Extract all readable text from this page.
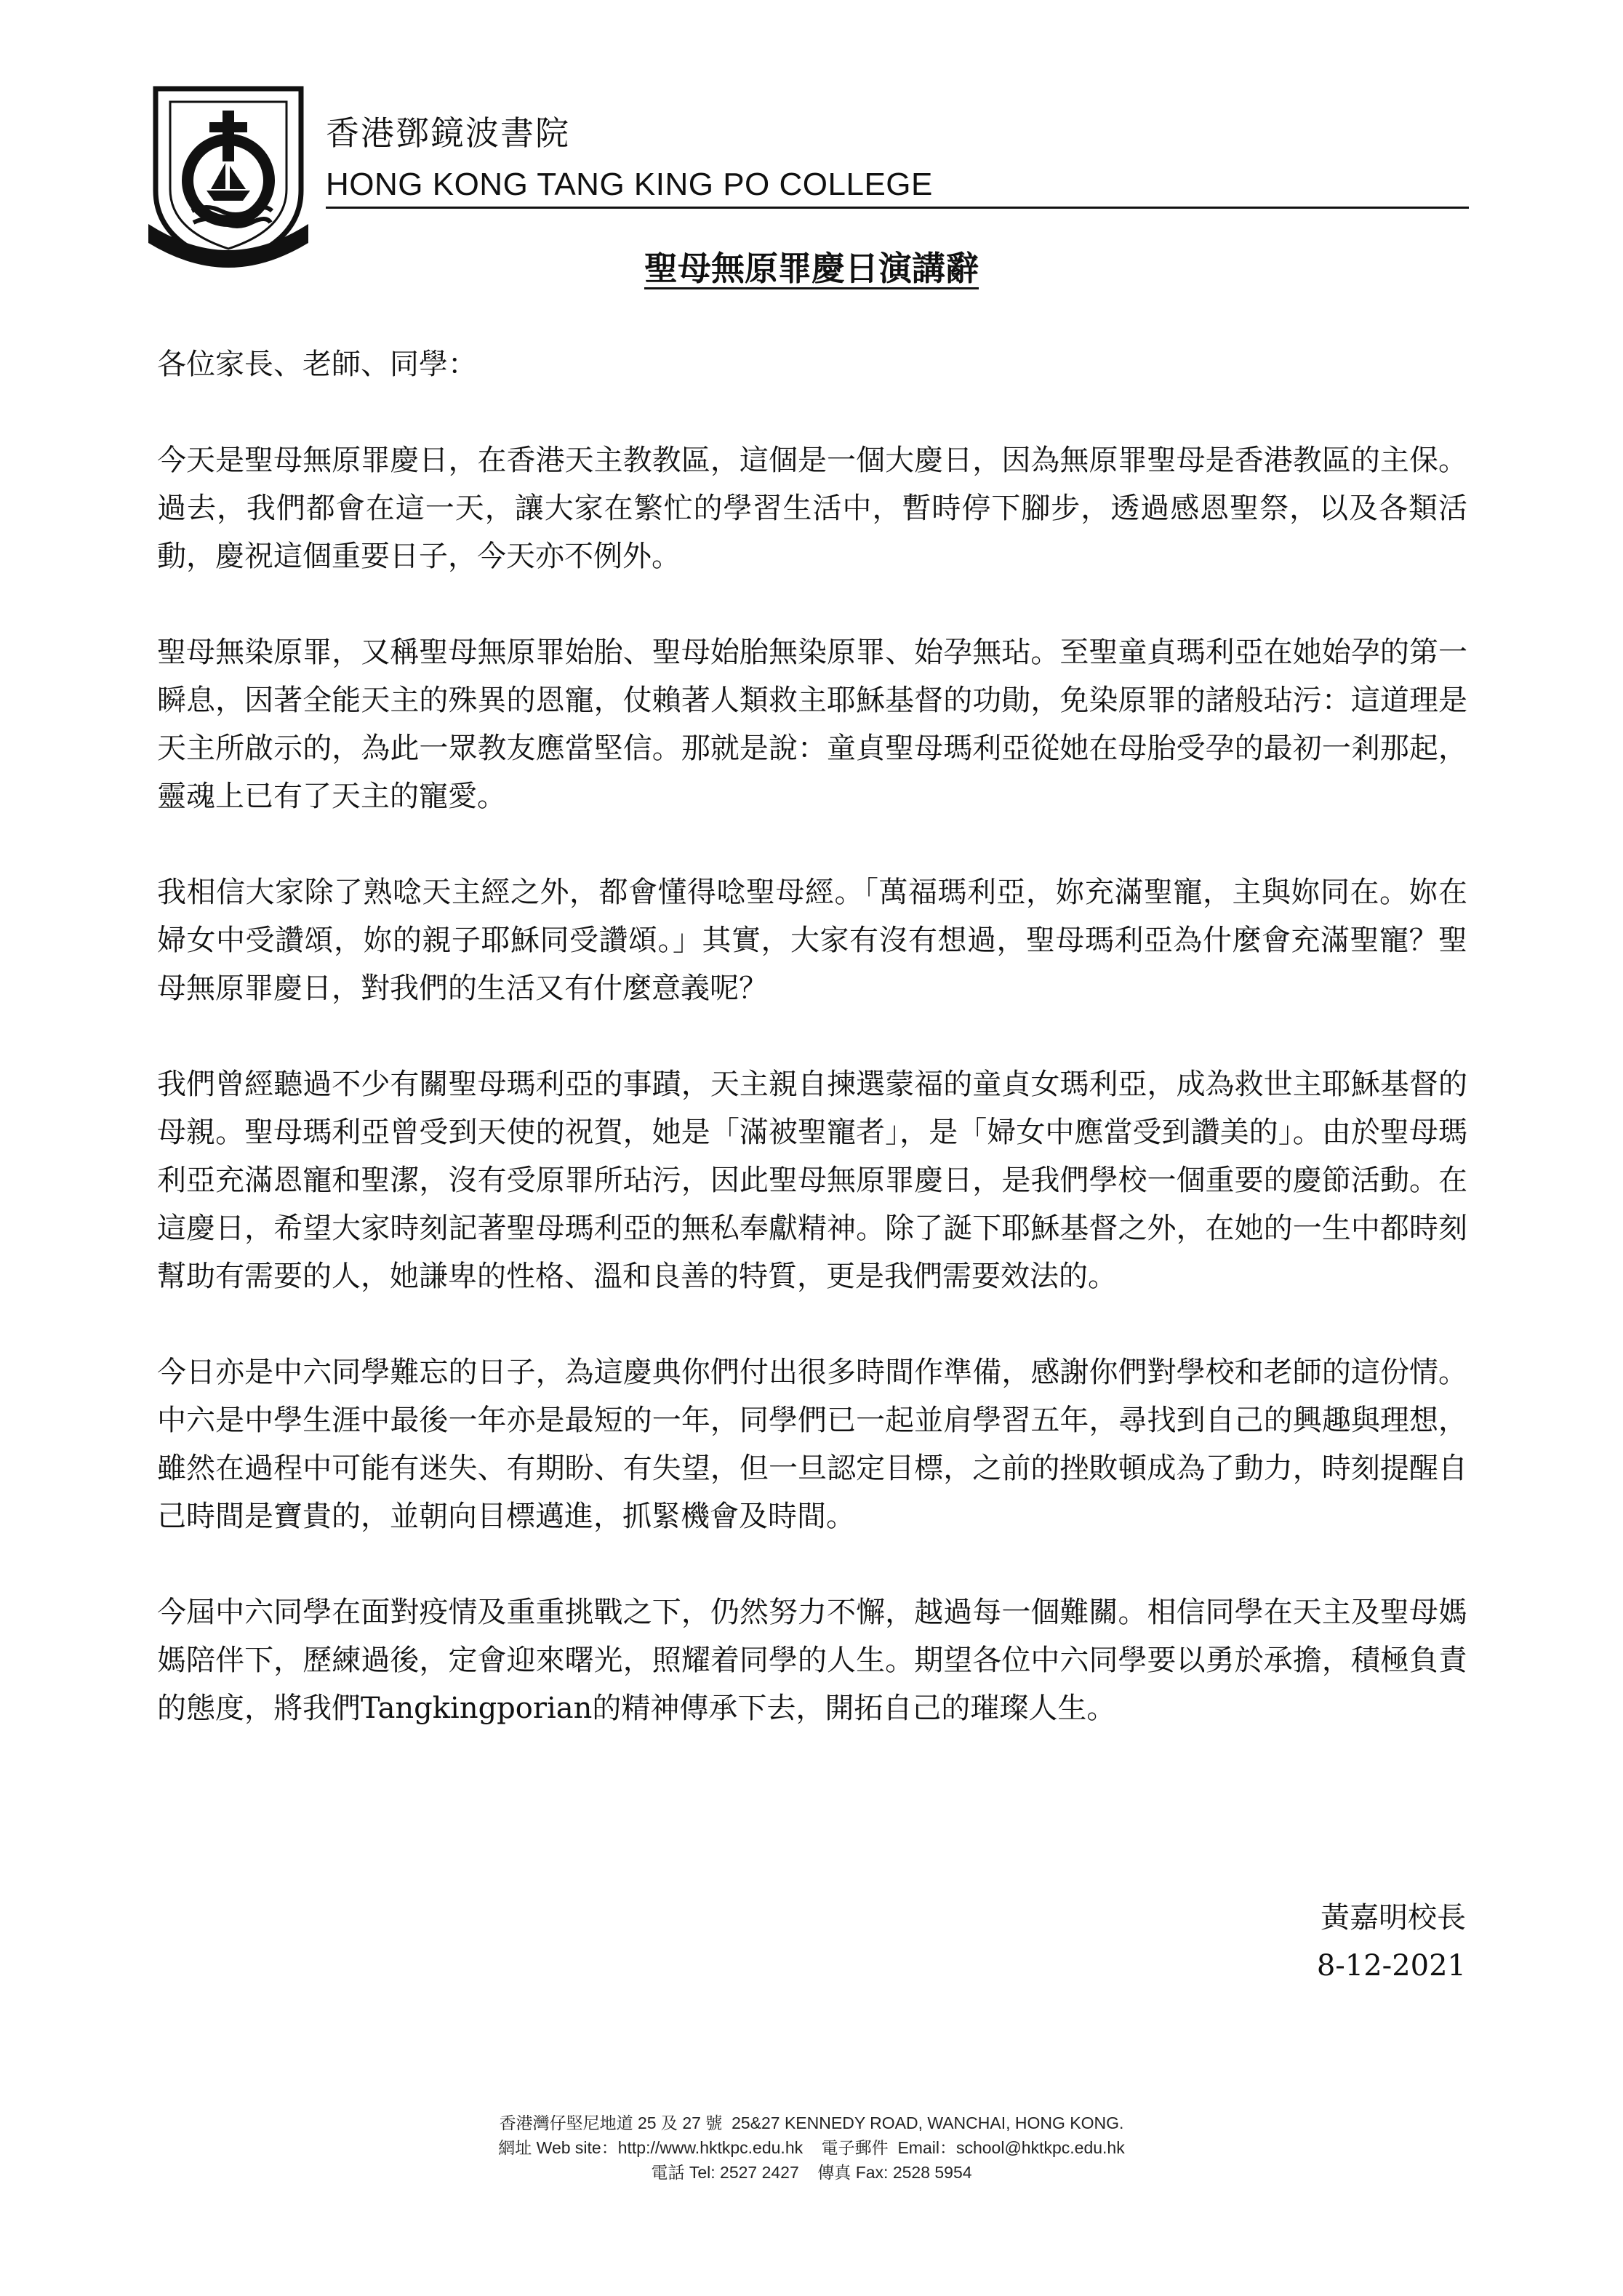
香港鄧鏡波書院
HONG KONG TANG KING PO COLLEGE
聖母無原罪慶日演講辭

各位家長、老師、同學：

今天是聖母無原罪慶日，在香港天主教教區，這個是一個大慶日，因為無原罪聖母是香港教區的主保。過去，我們都會在這一天，讓大家在繁忙的學習生活中，暫時停下腳步，透過感恩聖祭，以及各類活動，慶祝這個重要日子，今天亦不例外。

聖母無染原罪，又稱聖母無原罪始胎、聖母始胎無染原罪、始孕無玷。至聖童貞瑪利亞在她始孕的第一瞬息，因著全能天主的殊異的恩寵，仗賴著人類救主耶穌基督的功勛，免染原罪的諸般玷污：這道理是天主所啟示的，為此一眾教友應當堅信。那就是說：童貞聖母瑪利亞從她在母胎受孕的最初一剎那起，靈魂上已有了天主的寵愛。

我相信大家除了熟唸天主經之外，都會懂得唸聖母經。「萬福瑪利亞，妳充滿聖寵，主與妳同在。妳在婦女中受讚頌，妳的親子耶穌同受讚頌。」其實，大家有沒有想過，聖母瑪利亞為什麼會充滿聖寵？聖母無原罪慶日，對我們的生活又有什麼意義呢？

我們曾經聽過不少有關聖母瑪利亞的事蹟，天主親自揀選蒙福的童貞女瑪利亞，成為救世主耶穌基督的母親。聖母瑪利亞曾受到天使的祝賀，她是「滿被聖寵者」，是「婦女中應當受到讚美的」。由於聖母瑪利亞充滿恩寵和聖潔，沒有受原罪所玷污，因此聖母無原罪慶日，是我們學校一個重要的慶節活動。在這慶日，希望大家時刻記著聖母瑪利亞的無私奉獻精神。除了誕下耶穌基督之外，在她的一生中都時刻幫助有需要的人，她謙卑的性格、溫和良善的特質，更是我們需要效法的。

今日亦是中六同學難忘的日子，為這慶典你們付出很多時間作準備，感謝你們對學校和老師的這份情。中六是中學生涯中最後一年亦是最短的一年，同學們已一起並肩學習五年，尋找到自己的興趣與理想，雖然在過程中可能有迷失、有期盼、有失望，但一旦認定目標，之前的挫敗頓成為了動力，時刻提醒自己時間是寶貴的，並朝向目標邁進，抓緊機會及時間。

今屆中六同學在面對疫情及重重挑戰之下，仍然努力不懈，越過每一個難關。相信同學在天主及聖母媽媽陪伴下，歷練過後，定會迎來曙光，照耀着同學的人生。期望各位中六同學要以勇於承擔，積極負責的態度，將我們Tangkingporian的精神傳承下去，開拓自己的璀璨人生。

黃嘉明校長
8-12-2021
香港灣仔堅尼地道 25 及 27 號  25&27 KENNEDY ROAD, WANCHAI, HONG KONG.
網址 Web site：http://www.hktkpc.edu.hk    電子郵件  Email：school@hktkpc.edu.hk
電話 Tel: 2527 2427    傳真 Fax: 2528 5954
